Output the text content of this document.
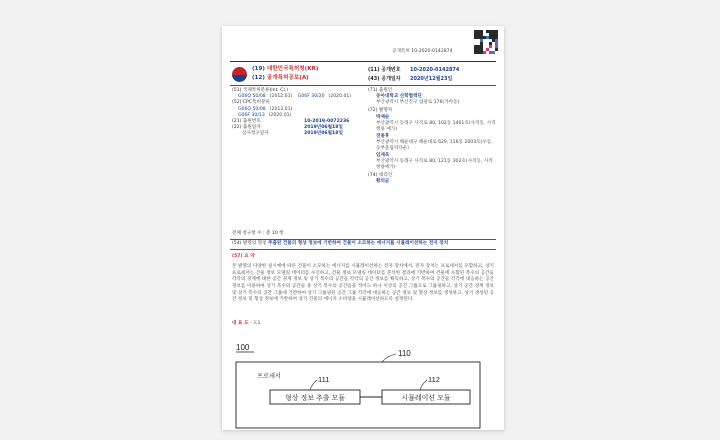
공개특허 10-2020-0142874
(19) 대한민국특허청(KR)
(12) 공개특허공보(A)
(11) 공개번호 10-2020-0142874
(43) 공개일자 2020년12월23일
(51) 국제특허분류(Int. Cl.)
G06Q 50/08 (2012.01) G06F 30/20 (2020.01)
(52) CPC특허분류
G06Q 50/08 (2013.01)
G06F 30/13 (2020.01)
(21) 출원번호	10-2019-0072236
(22) 출원일자	2019년06월18일
심사청구일자	2019년06월18일
(71) 출원인
동아대학교 산학협력단
부산광역시 부산진구 엄광로 176(가야동)
(72) 발명자
박재순
부산광역시 동래구 사직로 80, 102동 1401호(사직동, 사직 쌍용 예가)
전용후
부산광역시 해운대구 해운대로 629, 116동 2003호(우동, 동부올림픽타운)
임재욱
부산광역시 동래구 사직로 80, 121동 302호(사직동, 사직쌍용예가)
(74) 대리인
황의균
전체 청구항 수 : 총 10 항
(54) 발명의 명칭 주출된 건물의 형상 정보에 기반하여 건물이 소모하는 에너지를 시뮬레이션하는 전자 장치
(57) 요 약
본 발명의 다양한 실시예에 따른 건물이 소모하는 에너지를 시뮬레이션하는 전자 장치에서, 전자 장치는 프로세서를 포함하고, 상기 프로세서는 건물 정보 모델링 데이터를 수신하고, 건물 정보 모델링 데이터를 분석한 결과에 기반하여 건물에 포함된 복수의 공간들 각각의 경계에 대한 공간 경계 정보 및 상기 복수의 공간들 각각의 공간 정보를 획득하고, 상기 복수의 공간들 각각에 대응하는 공간 정보를 이용하여 상기 복수의 공간들 중 상기 복수의 공간들을 적어도 하나 이상의 공간 그룹으로 그룹핑하고, 상기 공간 경계 정보 및 상기 복수의 공간 그룹에 기반하여 상기 그룹핑된 공간 그룹 각각에 대응하는 공간 정보 및 형상 정보를 생성하고, 상기 생성된 공간 정보 및 형상 정보에 기반하여 상기 건물의 에너지 소비량을 시뮬레이션하도록 설정된다.
대 표 도 - 도1
100
110
프로세서	111	112
형상 정보 추출 모듈	시뮬레이션 모듈
